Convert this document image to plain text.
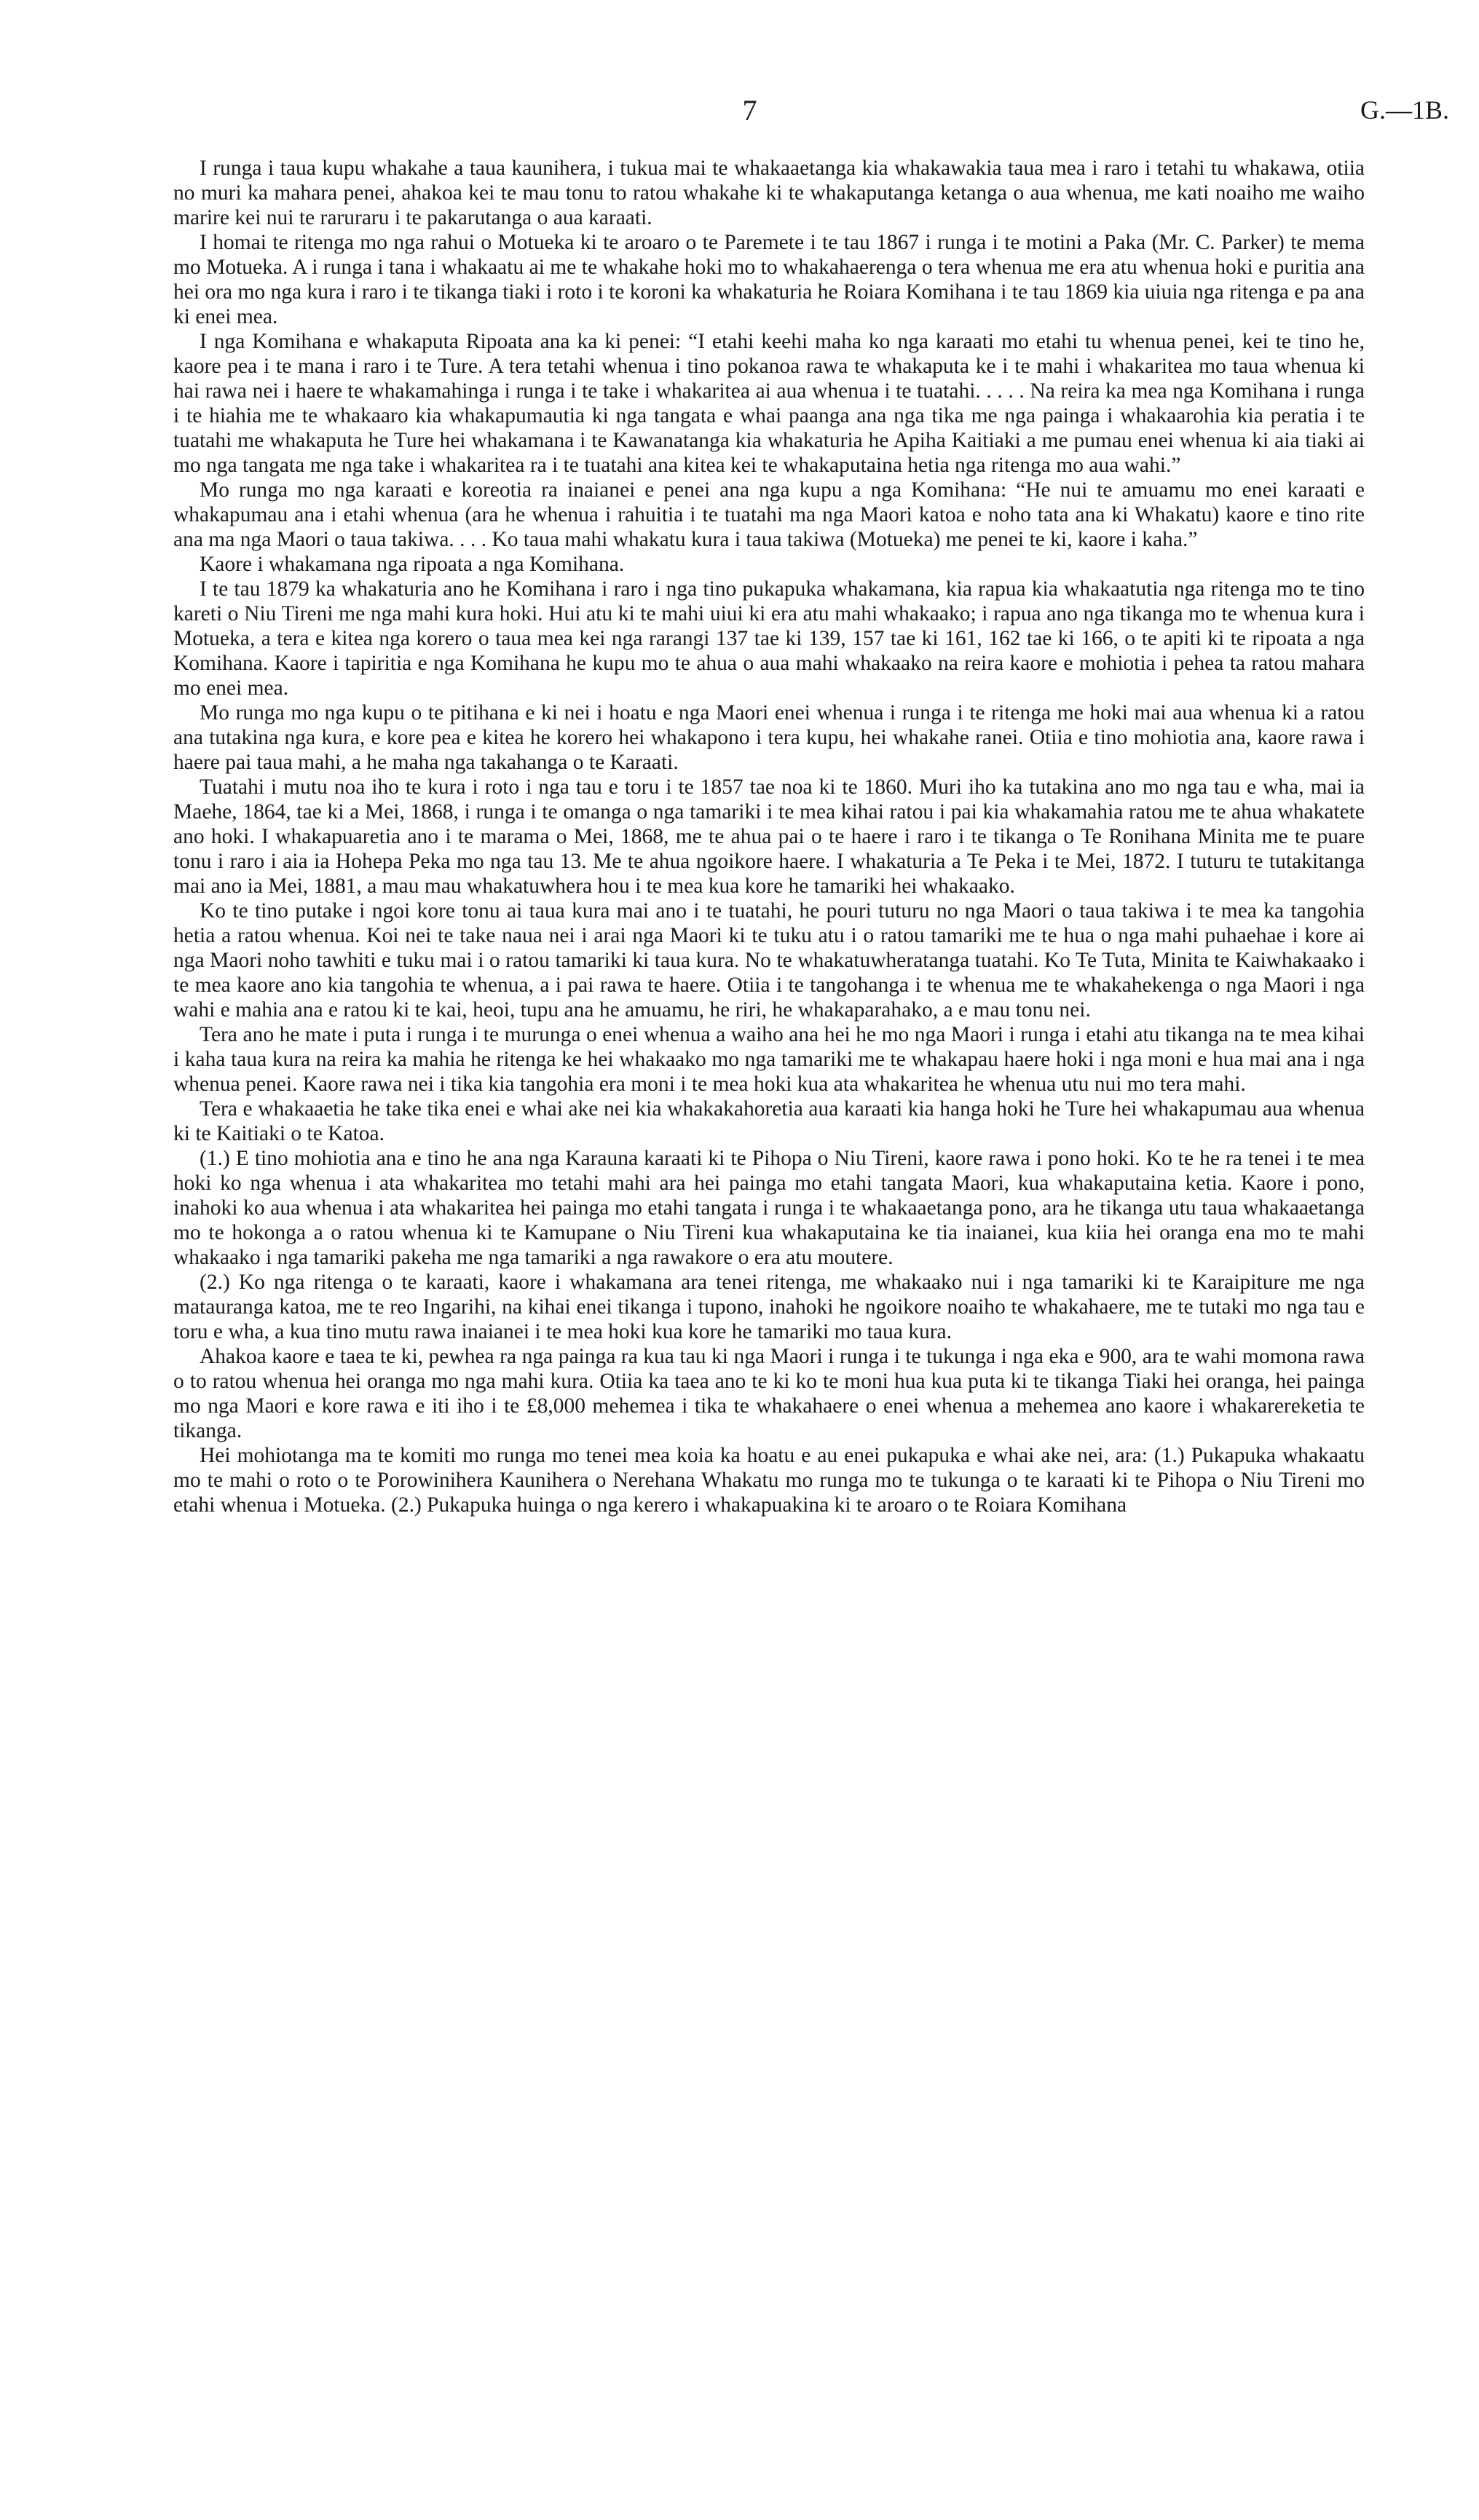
7	G.—1B.

I runga i taua kupu whakahe a taua kaunihera, i tukua mai te whakaaetanga kia whakawakia taua mea i raro i tetahi tu whakawa, otiia no muri ka mahara penei, ahakoa kei te mau tonu to ratou whakahe ki te whakaputanga ketanga o aua whenua, me kati noaiho me waiho marire kei nui te raruraru i te pakarutanga o aua karaati.

I homai te ritenga mo nga rahui o Motueka ki te aroaro o te Paremete i te tau 1867 i runga i te motini a Paka (Mr. C. Parker) te mema mo Motueka. A i runga i tana i whakaatu ai me te whakahe hoki mo to whakahaerenga o tera whenua me era atu whenua hoki e puritia ana hei ora mo nga kura i raro i te tikanga tiaki i roto i te koroni ka whakaturia he Roiara Komihana i te tau 1869 kia uiuia nga ritenga e pa ana ki enei mea.

I nga Komihana e whakaputa Ripoata ana ka ki penei: “I etahi keehi maha ko nga karaati mo etahi tu whenua penei, kei te tino he, kaore pea i te mana i raro i te Ture. A tera tetahi whenua i tino pokanoa rawa te whakaputa ke i te mahi i whakaritea mo taua whenua ki hai rawa nei i haere te whakamahinga i runga i te take i whakaritea ai aua whenua i te tuatahi. . . . . Na reira ka mea nga Komihana i runga i te hiahia me te whakaaro kia whakapumautia ki nga tangata e whai paanga ana nga tika me nga painga i whakaarohia kia peratia i te tuatahi me whakaputa he Ture hei whakamana i te Kawanatanga kia whakaturia he Apiha Kaitiaki a me pumau enei whenua ki aia tiaki ai mo nga tangata me nga take i whakaritea ra i te tuatahi ana kitea kei te whakaputaina hetia nga ritenga mo aua wahi.”

Mo runga mo nga karaati e koreotia ra inaianei e penei ana nga kupu a nga Komihana: “He nui te amuamu mo enei karaati e whakapumau ana i etahi whenua (ara he whenua i rahuitia i te tuatahi ma nga Maori katoa e noho tata ana ki Whakatu) kaore e tino rite ana ma nga Maori o taua takiwa. . . . Ko taua mahi whakatu kura i taua takiwa (Motueka) me penei te ki, kaore i kaha.”

Kaore i whakamana nga ripoata a nga Komihana.

I te tau 1879 ka whakaturia ano he Komihana i raro i nga tino pukapuka whakamana, kia rapua kia whakaatutia nga ritenga mo te tino kareti o Niu Tireni me nga mahi kura hoki. Hui atu ki te mahi uiui ki era atu mahi whakaako; i rapua ano nga tikanga mo te whenua kura i Motueka, a tera e kitea nga korero o taua mea kei nga rarangi 137 tae ki 139, 157 tae ki 161, 162 tae ki 166, o te apiti ki te ripoata a nga Komihana. Kaore i tapiritia e nga Komihana he kupu mo te ahua o aua mahi whakaako na reira kaore e mohiotia i pehea ta ratou mahara mo enei mea.

Mo runga mo nga kupu o te pitihana e ki nei i hoatu e nga Maori enei whenua i runga i te ritenga me hoki mai aua whenua ki a ratou ana tutakina nga kura, e kore pea e kitea he korero hei whakapono i tera kupu, hei whakahe ranei. Otiia e tino mohiotia ana, kaore rawa i haere pai taua mahi, a he maha nga takahanga o te Karaati.

Tuatahi i mutu noa iho te kura i roto i nga tau e toru i te 1857 tae noa ki te 1860. Muri iho ka tutakina ano mo nga tau e wha, mai ia Maehe, 1864, tae ki a Mei, 1868, i runga i te omanga o nga tamariki i te mea kihai ratou i pai kia whakamahia ratou me te ahua whakatete ano hoki. I whakapuaretia ano i te marama o Mei, 1868, me te ahua pai o te haere i raro i te tikanga o Te Ronihana Minita me te puare tonu i raro i aia ia Hohepa Peka mo nga tau 13. Me te ahua ngoikore haere. I whakaturia a Te Peka i te Mei, 1872. I tuturu te tutakitanga mai ano ia Mei, 1881, a mau mau whakatuwhera hou i te mea kua kore he tamariki hei whakaako.

Ko te tino putake i ngoi kore tonu ai taua kura mai ano i te tuatahi, he pouri tuturu no nga Maori o taua takiwa i te mea ka tangohia hetia a ratou whenua. Koi nei te take naua nei i arai nga Maori ki te tuku atu i o ratou tamariki me te hua o nga mahi puhaehae i kore ai nga Maori noho tawhiti e tuku mai i o ratou tamariki ki taua kura. No te whakatuwheratanga tuatahi. Ko Te Tuta, Minita te Kaiwhakaako i te mea kaore ano kia tangohia te whenua, a i pai rawa te haere. Otiia i te tangohanga i te whenua me te whakahekenga o nga Maori i nga wahi e mahia ana e ratou ki te kai, heoi, tupu ana he amuamu, he riri, he whakaparahako, a e mau tonu nei.

Tera ano he mate i puta i runga i te murunga o enei whenua a waiho ana hei he mo nga Maori i runga i etahi atu tikanga na te mea kihai i kaha taua kura na reira ka mahia he ritenga ke hei whakaako mo nga tamariki me te whakapau haere hoki i nga moni e hua mai ana i nga whenua penei. Kaore rawa nei i tika kia tangohia era moni i te mea hoki kua ata whakaritea he whenua utu nui mo tera mahi.

Tera e whakaaetia he take tika enei e whai ake nei kia whakakahoretia aua karaati kia hanga hoki he Ture hei whakapumau aua whenua ki te Kaitiaki o te Katoa.

(1.) E tino mohiotia ana e tino he ana nga Karauna karaati ki te Pihopa o Niu Tireni, kaore rawa i pono hoki. Ko te he ra tenei i te mea hoki ko nga whenua i ata whakaritea mo tetahi mahi ara hei painga mo etahi tangata Maori, kua whakaputaina ketia. Kaore i pono, inahoki ko aua whenua i ata whakaritea hei painga mo etahi tangata i runga i te whakaaetanga pono, ara he tikanga utu taua whakaaetanga mo te hokonga a o ratou whenua ki te Kamupane o Niu Tireni kua whakaputaina ke tia inaianei, kua kiia hei oranga ena mo te mahi whakaako i nga tamariki pakeha me nga tamariki a nga rawakore o era atu moutere.

(2.) Ko nga ritenga o te karaati, kaore i whakamana ara tenei ritenga, me whakaako nui i nga tamariki ki te Karaipiture me nga matauranga katoa, me te reo Ingarihi, na kihai enei tikanga i tupono, inahoki he ngoikore noaiho te whakahaere, me te tutaki mo nga tau e toru e wha, a kua tino mutu rawa inaianei i te mea hoki kua kore he tamariki mo taua kura.

Ahakoa kaore e taea te ki, pewhea ra nga painga ra kua tau ki nga Maori i runga i te tukunga i nga eka e 900, ara te wahi momona rawa o to ratou whenua hei oranga mo nga mahi kura. Otiia ka taea ano te ki ko te moni hua kua puta ki te tikanga Tiaki hei oranga, hei painga mo nga Maori e kore rawa e iti iho i te £8,000 mehemea i tika te whakahaere o enei whenua a mehemea ano kaore i whakarereketia te tikanga.

Hei mohiotanga ma te komiti mo runga mo tenei mea koia ka hoatu e au enei pukapuka e whai ake nei, ara: (1.) Pukapuka whakaatu mo te mahi o roto o te Porowinihera Kaunihera o Nerehana Whakatu mo runga mo te tukunga o te karaati ki te Pihopa o Niu Tireni mo etahi whenua i Motueka. (2.) Pukapuka huinga o nga kerero i whakapuakina ki te aroaro o te Roiara Komihana
